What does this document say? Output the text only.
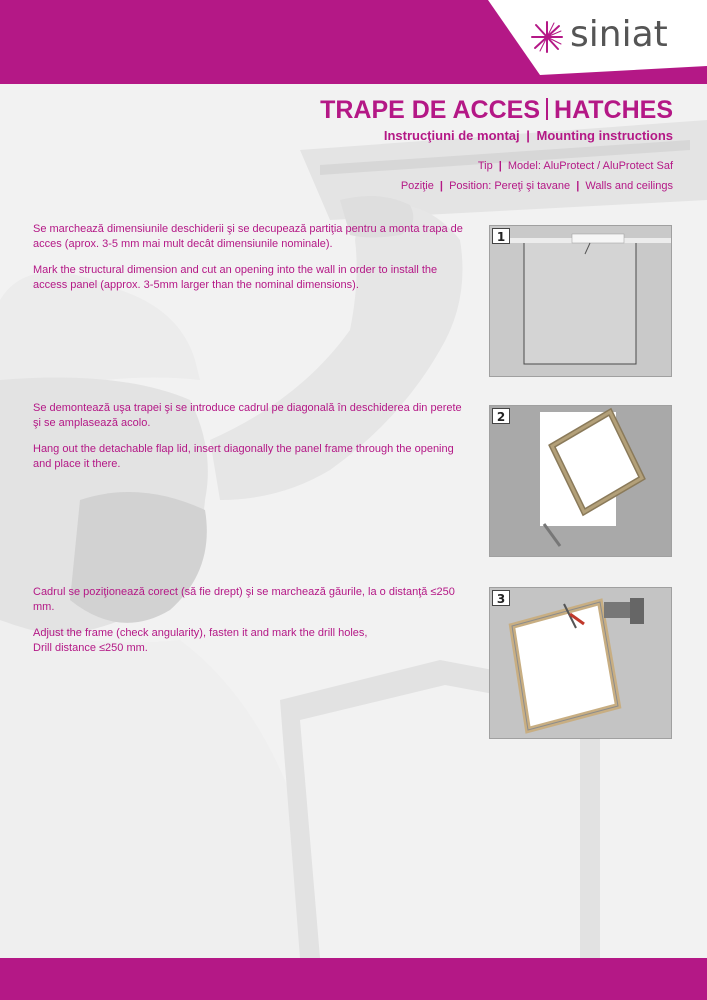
siniat
TRAPE DE ACCES HATCHES
Instrucţiuni de montaj | Mounting instructions
Tip | Model: AluProtect / AluProtect Saf
Poziţie | Position: Pereţi şi tavane | Walls and ceilings

Se marchează dimensiunile deschiderii şi se decupează partiţia pentru a monta trapa de acces (aprox. 3-5 mm mai mult decât dimensiunile nominale).

Mark the structural dimension and cut an opening into the wall in order to install the access panel (approx. 3-5mm larger than the nominal dimensions).

1

Se demontează uşa trapei şi se introduce cadrul pe diagonală în deschiderea din perete şi se amplasează acolo.

Hang out the detachable flap lid, insert diagonally the panel frame through the opening and place it there.

2

Cadrul se poziţionează corect (să fie drept) şi se marchează găurile, la o distanţă ≤250 mm.

Adjust the frame (check angularity), fasten it and mark the drill holes,

Drill distance ≤250 mm.

3
